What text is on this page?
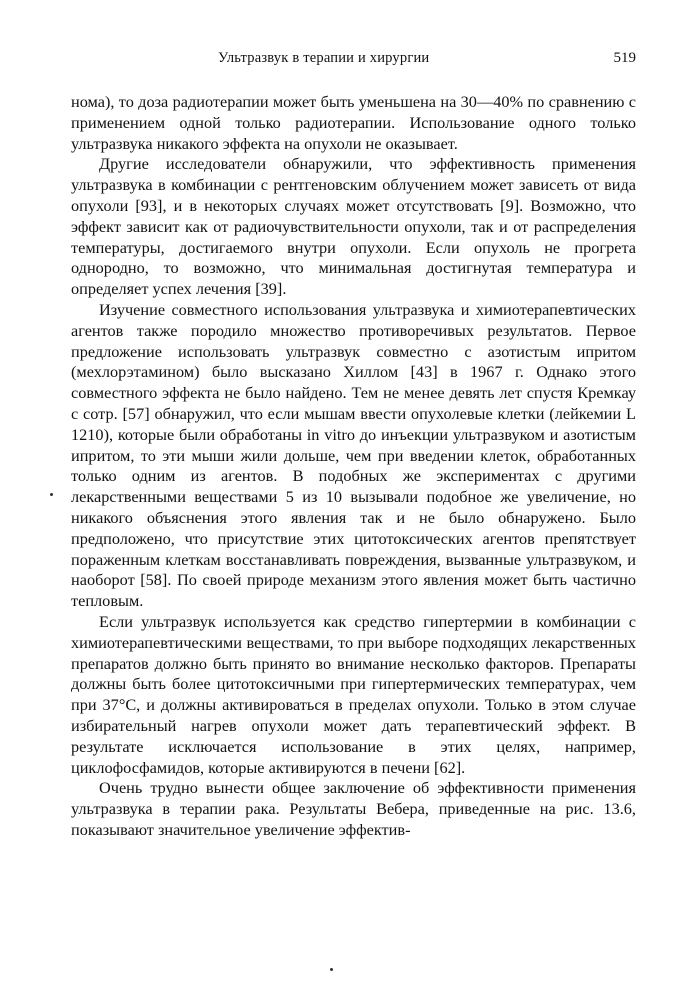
Ультразвук в терапии и хирургии	519

нома), то доза радиотерапии может быть уменьшена на 30—40% по сравнению с применением одной только радиотерапии. Использование одного только ультразвука никакого эффекта на опухоли не оказывает.

Другие исследователи обнаружили, что эффективность применения ультразвука в комбинации с рентгеновским облучением может зависеть от вида опухоли [93], и в некоторых случаях может отсутствовать [9]. Возможно, что эффект зависит как от радиочувствительности опухоли, так и от распределения температуры, достигаемого внутри опухоли. Если опухоль не прогрета однородно, то возможно, что минимальная достигнутая температура и определяет успех лечения [39].

Изучение совместного использования ультразвука и химиотерапевтических агентов также породило множество противоречивых результатов. Первое предложение использовать ультразвук совместно с азотистым ипритом (мехлорэтамином) было высказано Хиллом [43] в 1967 г. Однако этого совместного эффекта не было найдено. Тем не менее девять лет спустя Кремкау с сотр. [57] обнаружил, что если мышам ввести опухолевые клетки (лейкемии L 1210), которые были обработаны in vitro до инъекции ультразвуком и азотистым ипритом, то эти мыши жили дольше, чем при введении клеток, обработанных только одним из агентов. В подобных же экспериментах с другими лекарственными веществами 5 из 10 вызывали подобное же увеличение, но никакого объяснения этого явления так и не было обнаружено. Было предположено, что присутствие этих цитотоксических агентов препятствует пораженным клеткам восстанавливать повреждения, вызванные ультразвуком, и наоборот [58]. По своей природе механизм этого явления может быть частично тепловым.

Если ультразвук используется как средство гипертермии в комбинации с химиотерапевтическими веществами, то при выборе подходящих лекарственных препаратов должно быть принято во внимание несколько факторов. Препараты должны быть более цитотоксичными при гипертермических температурах, чем при 37°С, и должны активироваться в пределах опухоли. Только в этом случае избирательный нагрев опухоли может дать терапевтический эффект. В результате исключается использование в этих целях, например, циклофосфамидов, которые активируются в печени [62].

Очень трудно вынести общее заключение об эффективности применения ультразвука в терапии рака. Результаты Вебера, приведенные на рис. 13.6, показывают значительное увеличение эффектив-
